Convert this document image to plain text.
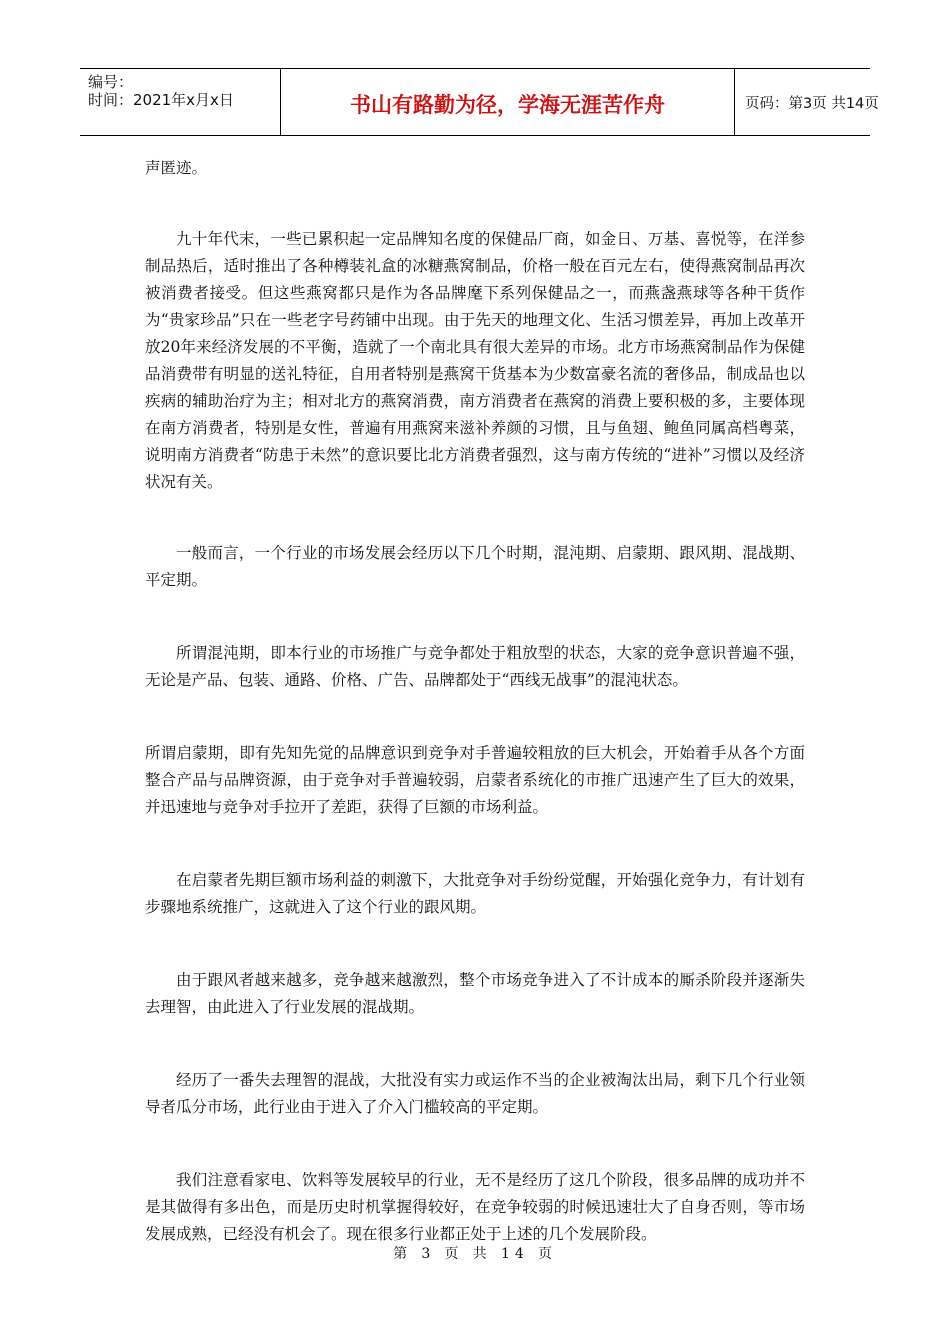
编号：
时间：2021年x月x日	书山有路勤为径，学海无涯苦作舟	页码：第3页 共14页

声匿迹。

九十年代末，一些已累积起一定品牌知名度的保健品厂商，如金日、万基、喜悦等，在洋参制品热后，适时推出了各种樽装礼盒的冰糖燕窝制品，价格一般在百元左右，使得燕窝制品再次被消费者接受。但这些燕窝都只是作为各品牌麾下系列保健品之一，而燕盏燕球等各种干货作为“贵家珍品”只在一些老字号药铺中出现。由于先天的地理文化、生活习惯差异，再加上改革开放20年来经济发展的不平衡，造就了一个南北具有很大差异的市场。北方市场燕窝制品作为保健品消费带有明显的送礼特征，自用者特别是燕窝干货基本为少数富豪名流的奢侈品，制成品也以疾病的辅助治疗为主；相对北方的燕窝消费，南方消费者在燕窝的消费上要积极的多，主要体现在南方消费者，特别是女性，普遍有用燕窝来滋补养颜的习惯，且与鱼翅、鲍鱼同属高档粤菜，说明南方消费者“防患于未然”的意识要比北方消费者强烈，这与南方传统的“进补”习惯以及经济状况有关。

一般而言，一个行业的市场发展会经历以下几个时期，混沌期、启蒙期、跟风期、混战期、平定期。

所谓混沌期，即本行业的市场推广与竞争都处于粗放型的状态，大家的竞争意识普遍不强，无论是产品、包装、通路、价格、广告、品牌都处于“西线无战事”的混沌状态。

所谓启蒙期，即有先知先觉的品牌意识到竞争对手普遍较粗放的巨大机会，开始着手从各个方面整合产品与品牌资源，由于竞争对手普遍较弱，启蒙者系统化的市推广迅速产生了巨大的效果，并迅速地与竞争对手拉开了差距，获得了巨额的市场利益。

在启蒙者先期巨额市场利益的刺激下，大批竞争对手纷纷觉醒，开始强化竞争力，有计划有步骤地系统推广，这就进入了这个行业的跟风期。

由于跟风者越来越多，竞争越来越激烈，整个市场竞争进入了不计成本的厮杀阶段并逐渐失去理智，由此进入了行业发展的混战期。

经历了一番失去理智的混战，大批没有实力或运作不当的企业被淘汰出局，剩下几个行业领导者瓜分市场，此行业由于进入了介入门槛较高的平定期。

我们注意看家电、饮料等发展较早的行业，无不是经历了这几个阶段，很多品牌的成功并不是其做得有多出色，而是历史时机掌握得较好，在竞争较弱的时候迅速壮大了自身否则，等市场发展成熟，已经没有机会了。现在很多行业都正处于上述的几个发展阶段。

第 3 页 共 14 页
